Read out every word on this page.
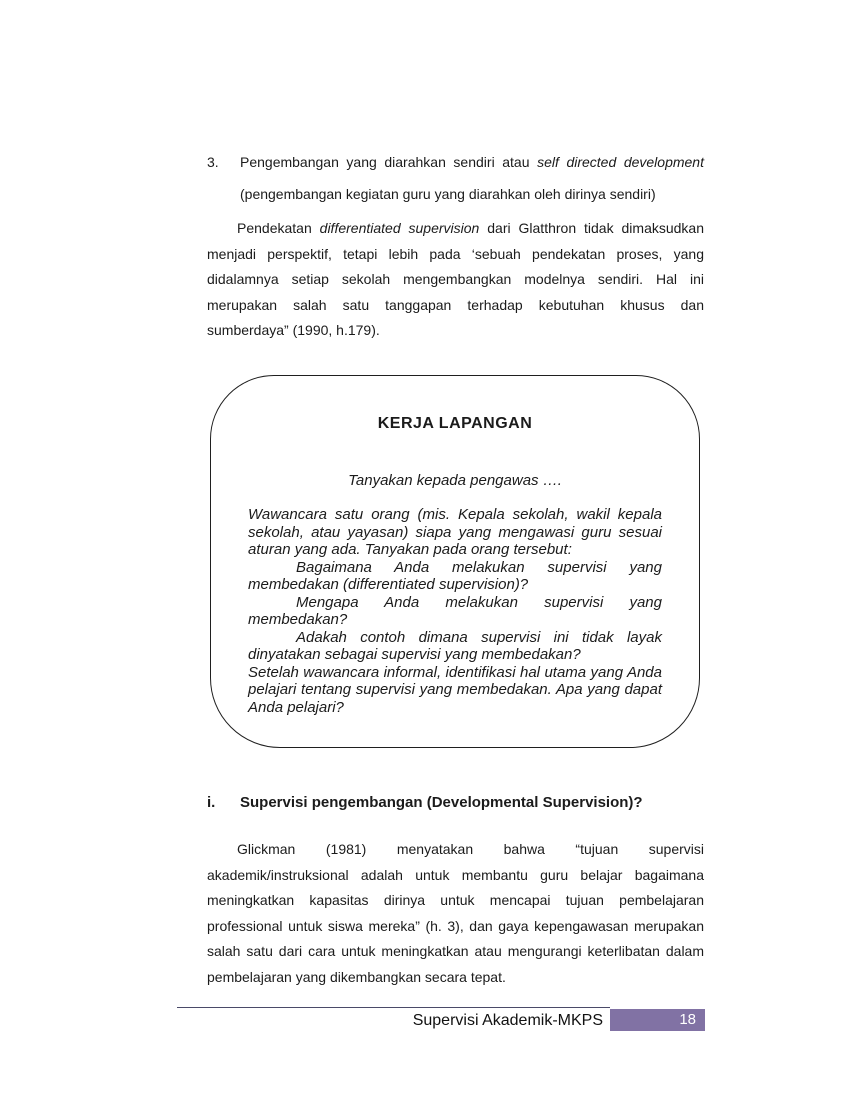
3.	Pengembangan yang diarahkan sendiri atau self directed development (pengembangan kegiatan guru yang diarahkan oleh dirinya sendiri)

Pendekatan differentiated supervision dari Glatthron tidak dimaksudkan menjadi perspektif, tetapi lebih pada ‘sebuah pendekatan proses, yang didalamnya setiap sekolah mengembangkan modelnya sendiri. Hal ini merupakan salah satu tanggapan terhadap kebutuhan khusus dan sumberdaya” (1990, h.179).

KERJA LAPANGAN
Tanyakan kepada pengawas ….

Wawancara satu orang (mis. Kepala sekolah, wakil kepala sekolah, atau yayasan) siapa yang mengawasi guru sesuai aturan yang ada. Tanyakan pada orang tersebut:

Bagaimana Anda melakukan supervisi yang membedakan (differentiated supervision)?

Mengapa Anda melakukan supervisi yang membedakan?

Adakah contoh dimana supervisi ini tidak layak dinyatakan sebagai supervisi yang membedakan?

Setelah wawancara informal, identifikasi hal utama yang Anda pelajari tentang supervisi yang membedakan. Apa yang dapat Anda pelajari?

i.	Supervisi pengembangan (Developmental Supervision)?

Glickman (1981) menyatakan bahwa “tujuan supervisi akademik/instruksional adalah untuk membantu guru belajar bagaimana meningkatkan kapasitas dirinya untuk mencapai tujuan pembelajaran professional untuk siswa mereka” (h. 3), dan gaya kepengawasan merupakan salah satu dari cara untuk meningkatkan atau mengurangi keterlibatan dalam pembelajaran yang dikembangkan secara tepat.

Supervisi Akademik-MKPS	18
